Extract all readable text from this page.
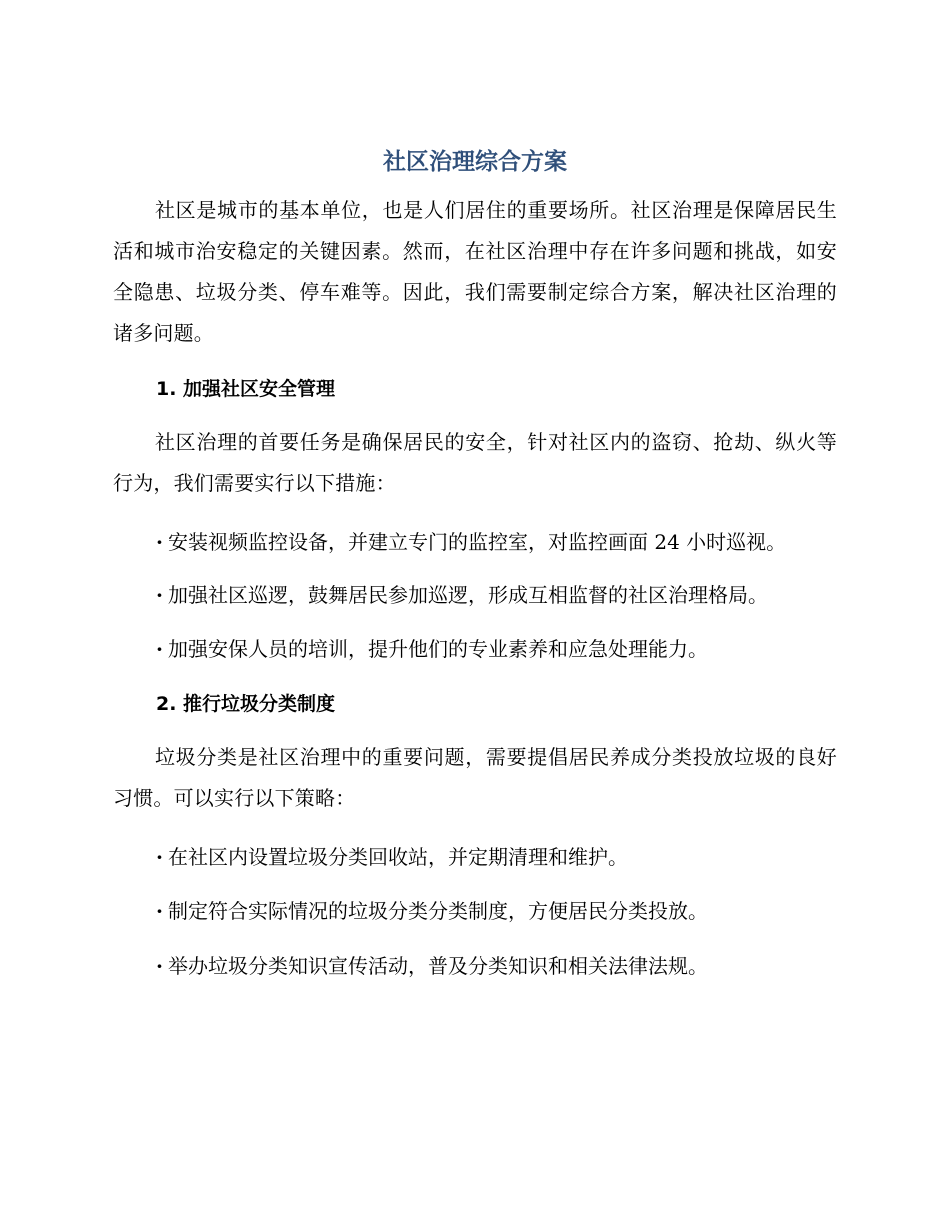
社区治理综合方案

社区是城市的基本单位，也是人们居住的重要场所。社区治理是保障居民生活和城市治安稳定的关键因素。然而，在社区治理中存在许多问题和挑战，如安全隐患、垃圾分类、停车难等。因此，我们需要制定综合方案，解决社区治理的诸多问题。

1. 加强社区安全管理

社区治理的首要任务是确保居民的安全，针对社区内的盗窃、抢劫、纵火等行为，我们需要实行以下措施：

· 安装视频监控设备，并建立专门的监控室，对监控画面 24 小时巡视。

· 加强社区巡逻，鼓舞居民参加巡逻，形成互相监督的社区治理格局。

· 加强安保人员的培训，提升他们的专业素养和应急处理能力。

2. 推行垃圾分类制度

垃圾分类是社区治理中的重要问题，需要提倡居民养成分类投放垃圾的良好习惯。可以实行以下策略：

· 在社区内设置垃圾分类回收站，并定期清理和维护。

· 制定符合实际情况的垃圾分类分类制度，方便居民分类投放。

· 举办垃圾分类知识宣传活动，普及分类知识和相关法律法规。
